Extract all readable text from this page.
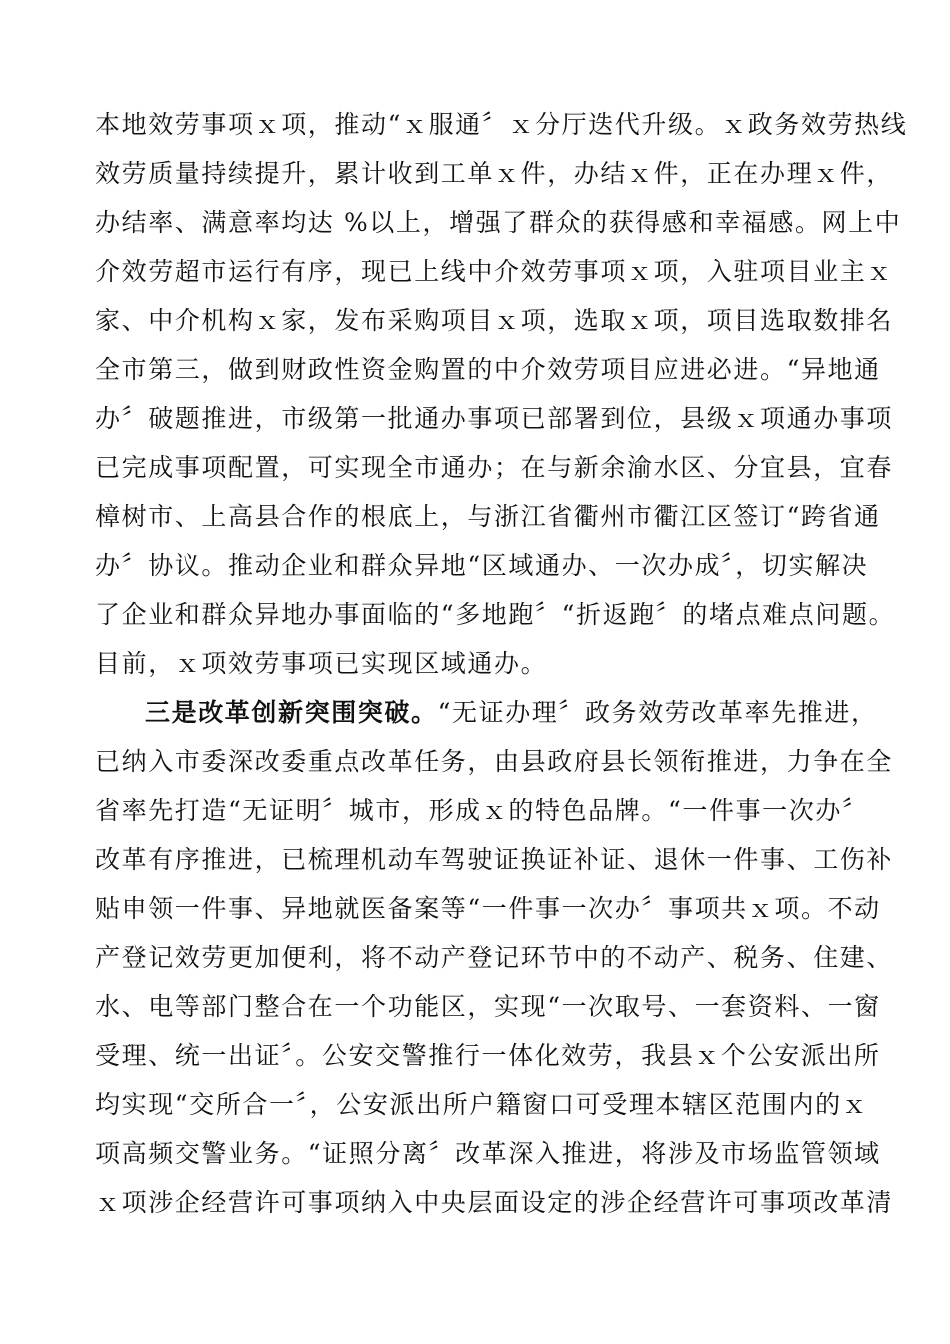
本地效劳事项ｘ项，推动“ｘ服通〞ｘ分厅迭代升级。ｘ政务效劳热线
效劳质量持续提升，累计收到工单ｘ件，办结ｘ件，正在办理ｘ件，
办结率、满意率均达 %以上，增强了群众的获得感和幸福感。网上中
介效劳超市运行有序，现已上线中介效劳事项ｘ项，入驻项目业主ｘ
家、中介机构ｘ家，发布采购项目ｘ项，选取ｘ项，项目选取数排名
全市第三，做到财政性资金购置的中介效劳项目应进必进。“异地通
办〞破题推进，市级第一批通办事项已部署到位，县级ｘ项通办事项
已完成事项配置，可实现全市通办；在与新余渝水区、分宜县，宜春
樟树市、上高县合作的根底上，与浙江省衢州市衢江区签订“跨省通
办〞协议。推动企业和群众异地“区域通办、一次办成〞，切实解决
了企业和群众异地办事面临的“多地跑〞“折返跑〞的堵点难点问题。
目前，ｘ项效劳事项已实现区域通办。
三是改革创新突围突破。“无证办理〞政务效劳改革率先推进，
已纳入市委深改委重点改革任务，由县政府县长领衔推进，力争在全
省率先打造“无证明〞城市，形成ｘ的特色品牌。“一件事一次办〞
改革有序推进，已梳理机动车驾驶证换证补证、退休一件事、工伤补
贴申领一件事、异地就医备案等“一件事一次办〞事项共ｘ项。不动
产登记效劳更加便利，将不动产登记环节中的不动产、税务、住建、
水、电等部门整合在一个功能区，实现“一次取号、一套资料、一窗
受理、统一出证〞。公安交警推行一体化效劳，我县ｘ个公安派出所
均实现“交所合一〞，公安派出所户籍窗口可受理本辖区范围内的ｘ
项高频交警业务。“证照分离〞改革深入推进，将涉及市场监管领域
ｘ项涉企经营许可事项纳入中央层面设定的涉企经营许可事项改革清
